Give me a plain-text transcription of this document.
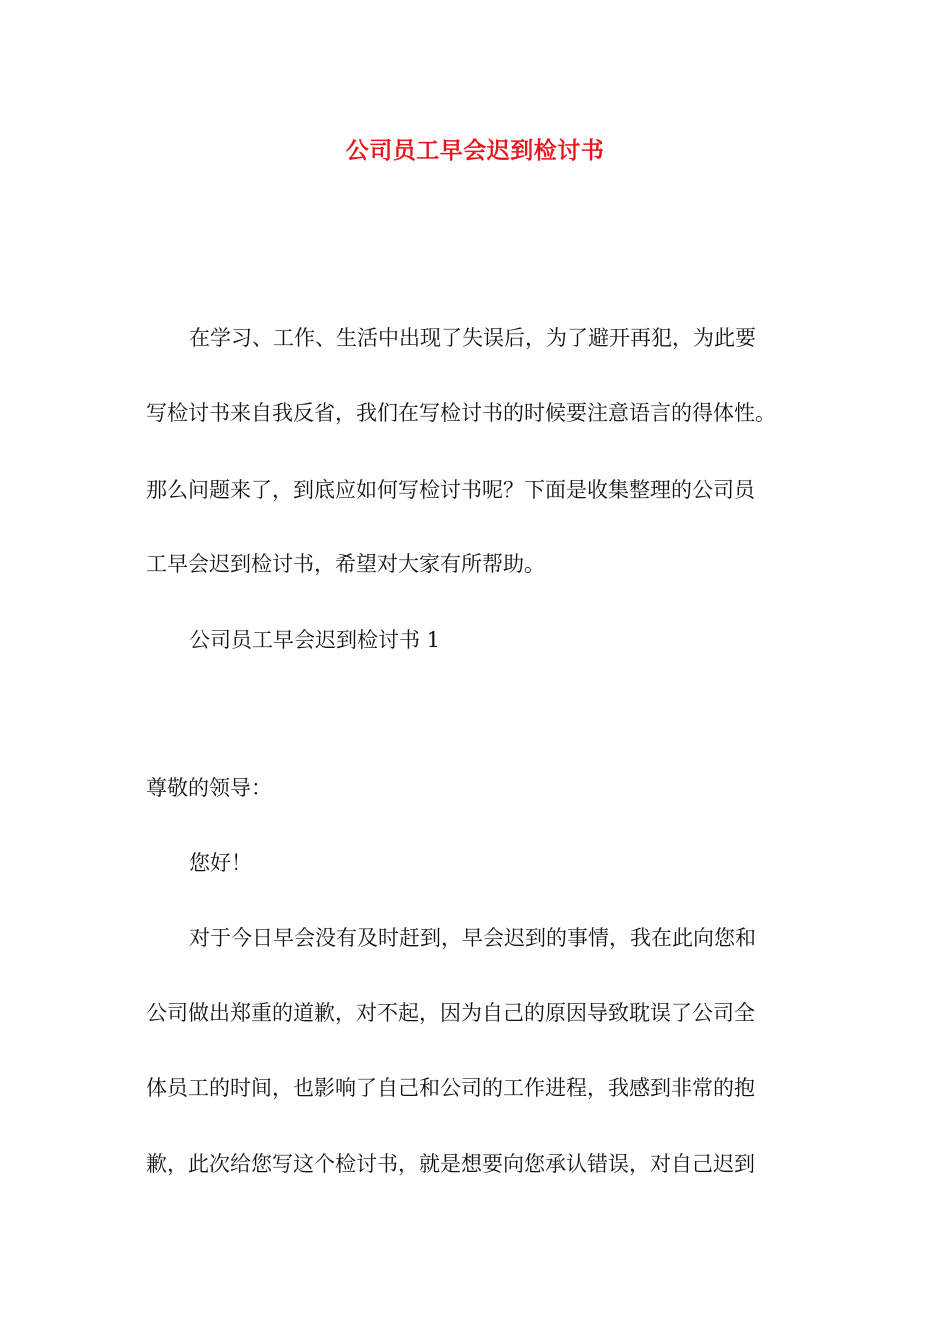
公司员工早会迟到检讨书
在学习、工作、生活中出现了失误后，为了避开再犯，为此要
写检讨书来自我反省，我们在写检讨书的时候要注意语言的得体性。
那么问题来了，到底应如何写检讨书呢？下面是收集整理的公司员
工早会迟到检讨书，希望对大家有所帮助。
公司员工早会迟到检讨书 1
尊敬的领导：
您好！
对于今日早会没有及时赶到，早会迟到的事情，我在此向您和
公司做出郑重的道歉，对不起，因为自己的原因导致耽误了公司全
体员工的时间，也影响了自己和公司的工作进程，我感到非常的抱
歉，此次给您写这个检讨书，就是想要向您承认错误，对自己迟到
